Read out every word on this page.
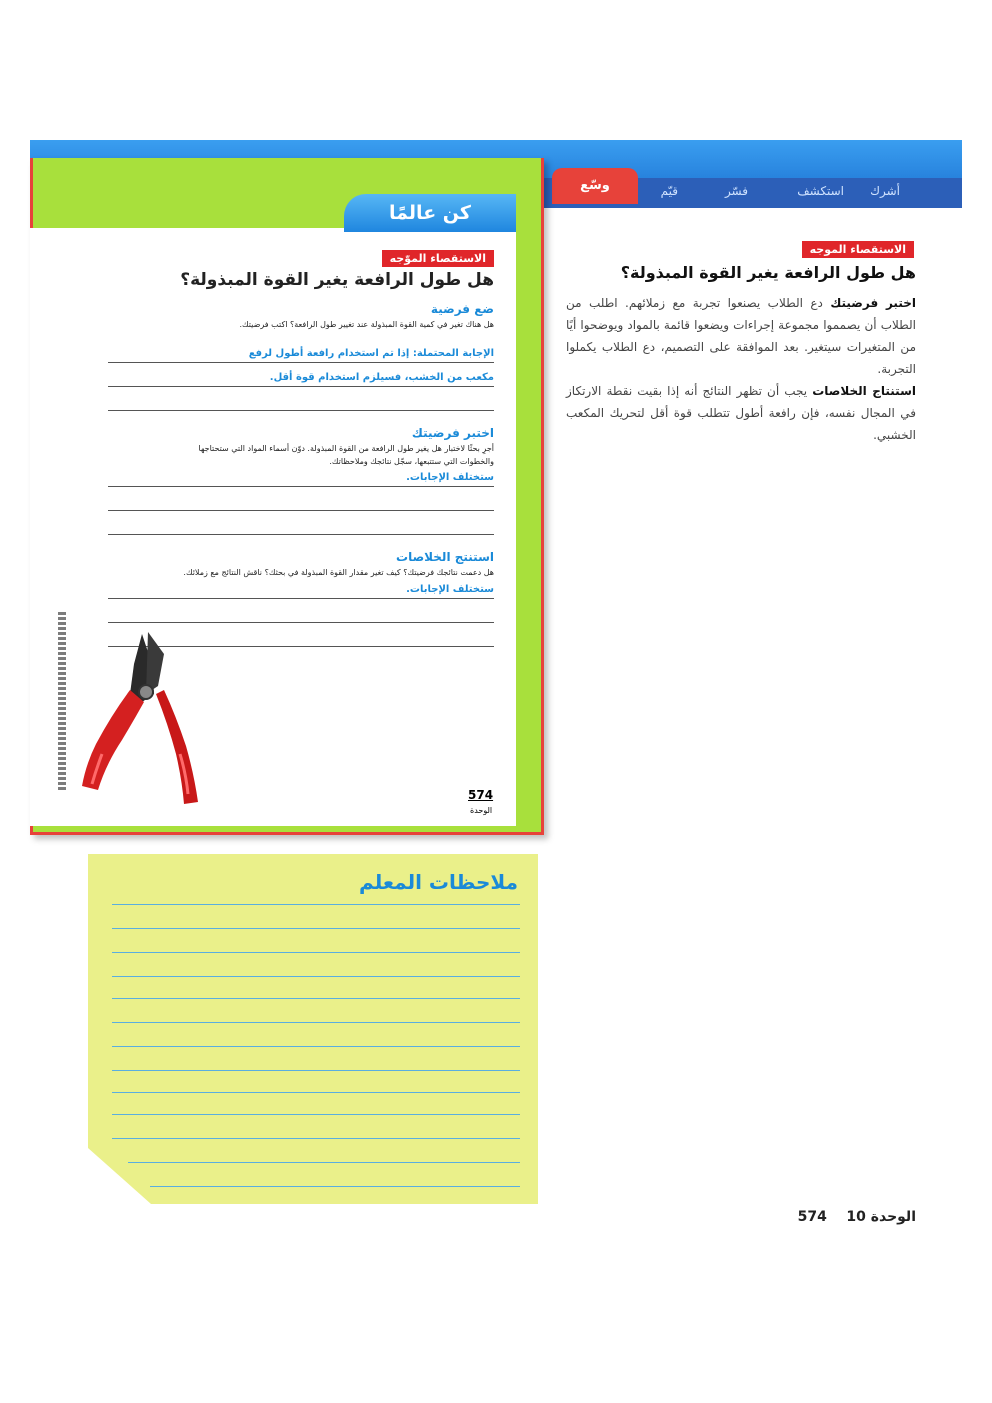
أشرك
استكشف
فسّر
قيّم
وسّع
كن عالمًا
الاستقصاء الموّجه
هل طول الرافعة يغير القوة المبذولة؟
ضع فرضية
هل هناك تغير في كمية القوة المبذولة عند تغيير طول الرافعة؟ اكتب فرضيتك.
الإجابة المحتملة: إذا تم استخدام رافعة أطول لرفع
مكعب من الخشب، فسيلزم استخدام قوة أقل.
اختبر فرضيتك
أجرِ بحثًا لاختبار هل يغير طول الرافعة من القوة المبذولة. دوّن أسماء المواد التي ستحتاجها والخطوات التي ستتبعها، سجّل نتائجك وملاحظاتك.
ستختلف الإجابات.
استنتج الخلاصات
هل دعمت نتائجك فرضيتك؟ كيف تغير مقدار القوة المبذولة في بحثك؟ ناقش النتائج مع زملائك.
ستختلف الإجابات.
574
الوحدة
ملاحظات المعلم
الاستقصاء الموجه
هل طول الرافعة يغير القوة المبذولة؟
اختبر فرضيتك دع الطلاب يصنعوا تجربة مع زملائهم. اطلب من الطلاب أن يصمموا مجموعة إجراءات ويضعوا قائمة بالمواد ويوضحوا أيًا من المتغيرات سيتغير. بعد الموافقة على التصميم، دع الطلاب يكملوا التجربة.
استنتاج الخلاصات يجب أن تظهر النتائج أنه إذا بقيت نقطة الارتكاز في المجال نفسه، فإن رافعة أطول تتطلب قوة أقل لتحريك المكعب الخشبي.
الوحدة 10    574
